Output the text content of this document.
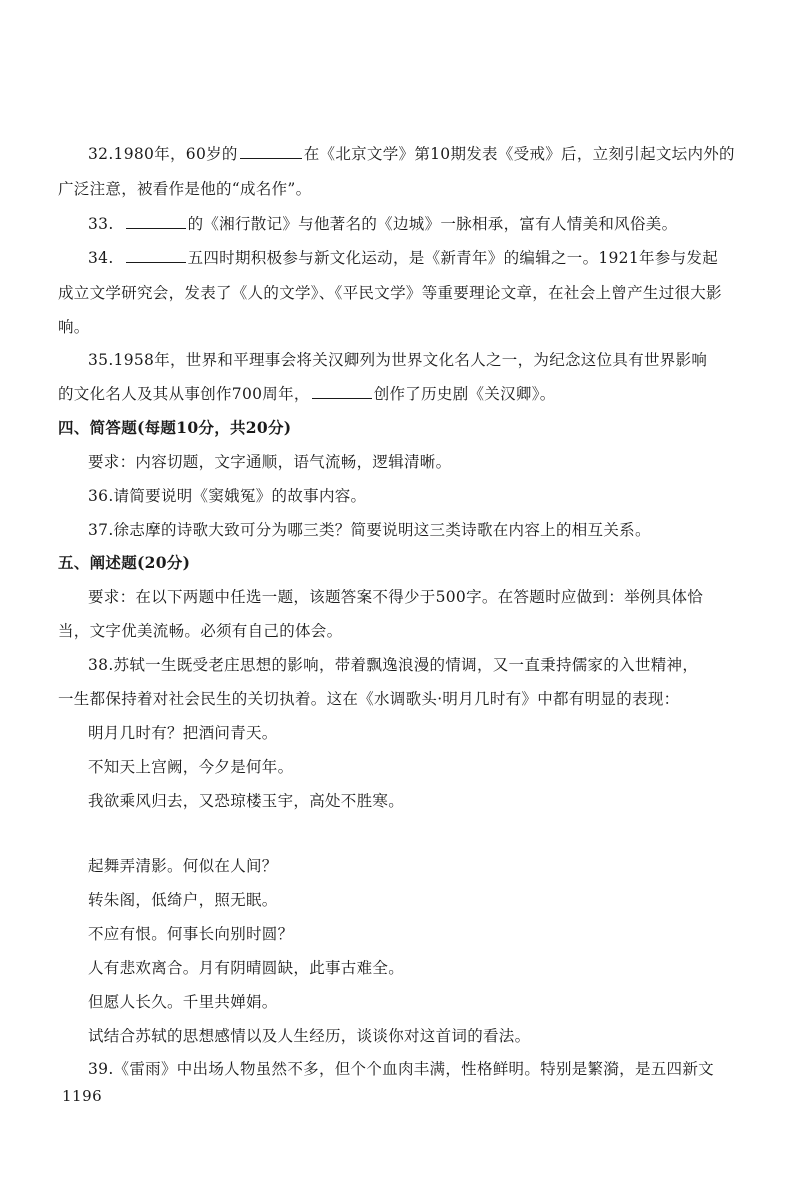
32.1980年，60岁的	在《北京文学》第10期发表《受戒》后，立刻引起文坛内外的
广泛注意，被看作是他的“成名作”。
33.	的《湘行散记》与他著名的《边城》一脉相承，富有人情美和风俗美。
34.	五四时期积极参与新文化运动，是《新青年》的编辑之一。1921年参与发起
成立文学研究会，发表了《人的文学》、《平民文学》等重要理论文章，在社会上曾产生过很大影
响。
35.1958年，世界和平理事会将关汉卿列为世界文化名人之一，为纪念这位具有世界影响
的文化名人及其从事创作700周年，	创作了历史剧《关汉卿》。
四、简答题(每题10分，共20分)
要求：内容切题，文字通顺，语气流畅，逻辑清晰。
36.请简要说明《窦娥冤》的故事内容。
37.徐志摩的诗歌大致可分为哪三类？简要说明这三类诗歌在内容上的相互关系。
五、阐述题(20分)
要求：在以下两题中任选一题，该题答案不得少于500字。在答题时应做到：举例具体恰
当，文字优美流畅。必须有自己的体会。
38.苏轼一生既受老庄思想的影响，带着飘逸浪漫的情调，又一直秉持儒家的入世精神，
一生都保持着对社会民生的关切执着。这在《水调歌头·明月几时有》中都有明显的表现：
明月几时有？把酒问青天。
不知天上宫阙，今夕是何年。
我欲乘风归去，又恐琼楼玉宇，高处不胜寒。
起舞弄清影。何似在人间？
转朱阁，低绮户，照无眠。
不应有恨。何事长向别时圆？
人有悲欢离合。月有阴晴圆缺，此事古难全。
但愿人长久。千里共婵娟。
试结合苏轼的思想感情以及人生经历，谈谈你对这首词的看法。
39.《雷雨》中出场人物虽然不多，但个个血肉丰满，性格鲜明。特别是繁漪，是五四新文
1196
